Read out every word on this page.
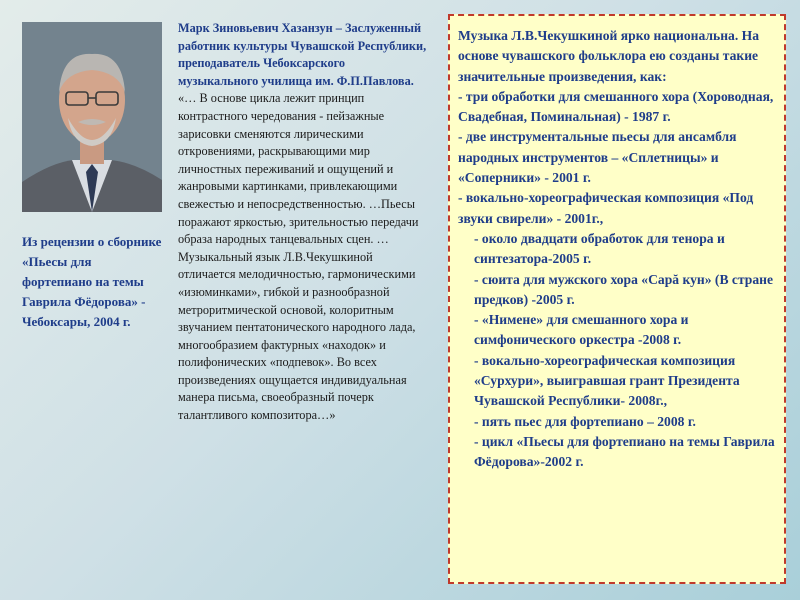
Из рецензии о сборнике «Пьесы для фортепиано на темы Гаврила Фёдорова» - Чебоксары, 2004 г.
Марк Зиновьевич Хазанзун – Заслуженный работник культуры Чувашской Республики, преподаватель Чебоксарского музыкального училища им. Ф.П.Павлова. «… В основе цикла лежит принцип контрастного чередования - пейзажные зарисовки сменяются лирическими откровениями, раскрывающими мир личностных переживаний и ощущений и жанровыми картинками, привлекающими свежестью и непосредственностью. …Пьесы поражают яркостью, зрительностью передачи образа народных танцевальных сцен. …Музыкальный язык Л.В.Чекушкиной отличается мелодичностью, гармоническими «изюминками», гибкой и разнообразной метроритмической основой, колоритным звучанием пентатонического народного лада, многообразием фактурных «находок» и полифонических «подпевок». Во всех произведениях ощущается индивидуальная манера письма, своеобразный почерк талантливого композитора…»

Музыка Л.В.Чекушкиной ярко национальна. На основе чувашского фольклора ею созданы такие значительные произведения, как:

- три обработки для смешанного хора (Хороводная, Свадебная, Поминальная) - 1987 г.

- две инструментальные пьесы для ансамбля народных инструментов – «Сплетницы» и «Соперники» - 2001 г.

- вокально-хореографическая композиция «Под звуки свирели» - 2001г.,

- около двадцати обработок для тенора и синтезатора-2005 г.

- сюита для мужского хора «Сарă кун» (В стране предков) -2005 г.

- «Нимене» для смешанного хора и симфонического оркестра -2008 г.

- вокально-хореографическая композиция «Сурхури», выигравшая грант Президента Чувашской Республики- 2008г.,

- пять пьес для фортепиано – 2008 г.

- цикл «Пьесы для фортепиано на темы Гаврила Фёдорова»-2002 г.
